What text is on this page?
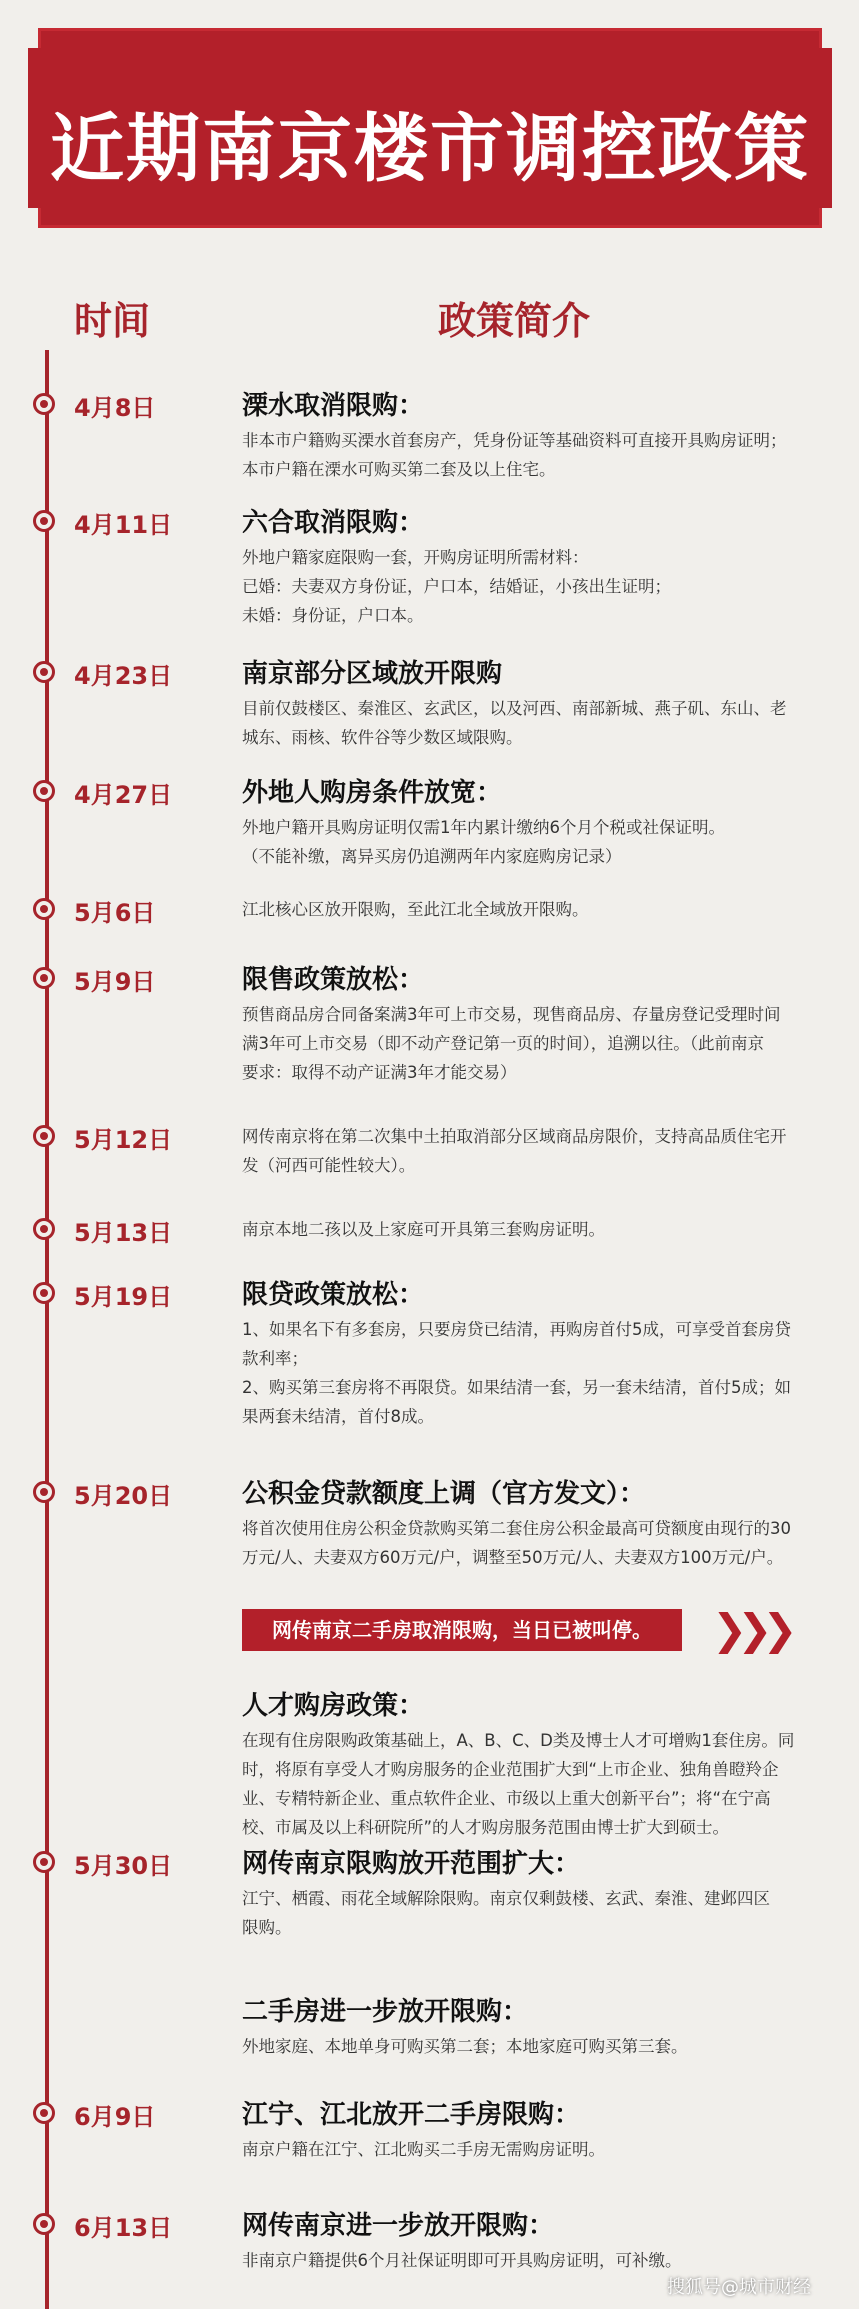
近期南京楼市调控政策
时间	政策简介
4月8日	溧水取消限购：

非本市户籍购买溧水首套房产，凭身份证等基础资料可直接开具购房证明；

本市户籍在溧水可购买第二套及以上住宅。

4月11日	六合取消限购：

外地户籍家庭限购一套，开购房证明所需材料：

已婚：夫妻双方身份证，户口本，结婚证，小孩出生证明；

未婚：身份证，户口本。

4月23日	南京部分区域放开限购

目前仅鼓楼区、秦淮区、玄武区，以及河西、南部新城、燕子矶、东山、老

城东、雨核、软件谷等少数区域限购。

4月27日	外地人购房条件放宽：

外地户籍开具购房证明仅需1年内累计缴纳6个月个税或社保证明。

（不能补缴，离异买房仍追溯两年内家庭购房记录）

5月6日	江北核心区放开限购，至此江北全域放开限购。

5月9日	限售政策放松：

预售商品房合同备案满3年可上市交易，现售商品房、存量房登记受理时间

满3年可上市交易（即不动产登记第一页的时间），追溯以往。（此前南京

要求：取得不动产证满3年才能交易）

5月12日	网传南京将在第二次集中土拍取消部分区域商品房限价，支持高品质住宅开

发（河西可能性较大）。

5月13日	南京本地二孩以及上家庭可开具第三套购房证明。

5月19日	限贷政策放松：

1、如果名下有多套房，只要房贷已结清，再购房首付5成，可享受首套房贷

款利率；

2、购买第三套房将不再限贷。如果结清一套，另一套未结清，首付5成；如

果两套未结清，首付8成。

5月20日	公积金贷款额度上调（官方发文）：

将首次使用住房公积金贷款购买第二套住房公积金最高可贷额度由现行的30

万元/人、夫妻双方60万元/户，调整至50万元/人、夫妻双方100万元/户。

人才购房政策：

在现有住房限购政策基础上，A、B、C、D类及博士人才可增购1套住房。同

时，将原有享受人才购房服务的企业范围扩大到“上市企业、独角兽瞪羚企

业、专精特新企业、重点软件企业、市级以上重大创新平台”；将“在宁高

校、市属及以上科研院所”的人才购房服务范围由博士扩大到硕士。

5月30日	网传南京限购放开范围扩大：

江宁、栖霞、雨花全域解除限购。南京仅剩鼓楼、玄武、秦淮、建邺四区

限购。

二手房进一步放开限购：

外地家庭、本地单身可购买第二套；本地家庭可购买第三套。

6月9日	江宁、江北放开二手房限购：

南京户籍在江宁、江北购买二手房无需购房证明。

6月13日	网传南京进一步放开限购：

非南京户籍提供6个月社保证明即可开具购房证明，可补缴。

网传南京二手房取消限购，当日已被叫停。	❯❯❯
搜狐号@城市财经
